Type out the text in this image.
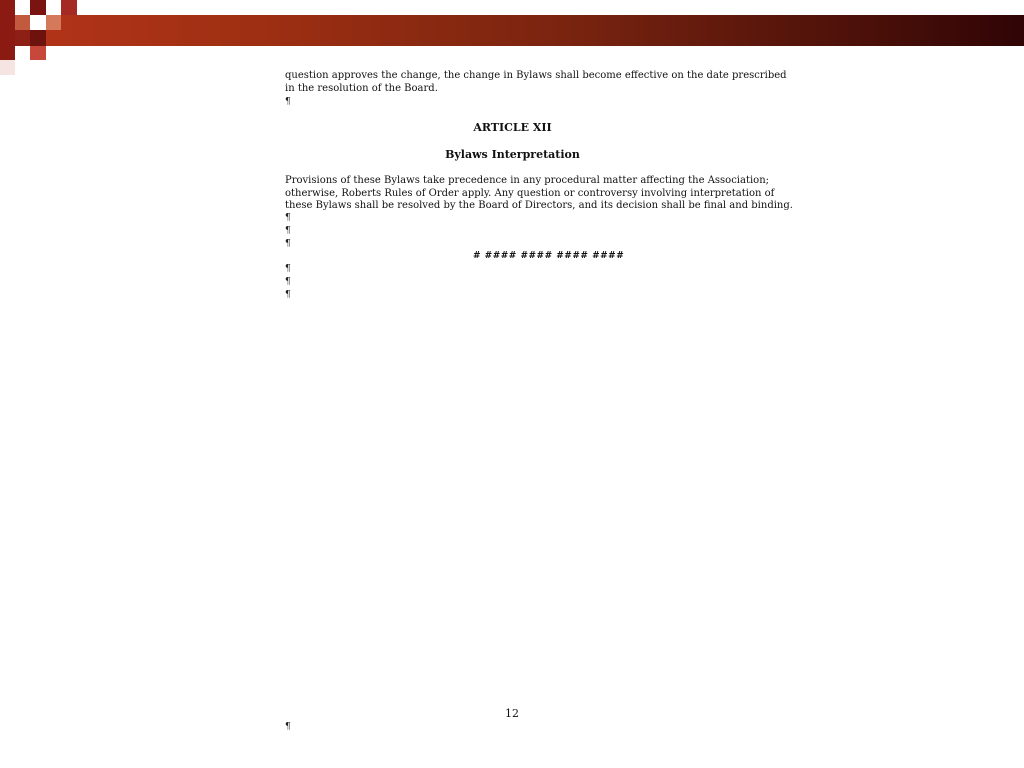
question approves the change, the change in Bylaws shall become effective on the date prescribed
in the resolution of the Board.
¶
ARTICLE XII
Bylaws Interpretation
Provisions of these Bylaws take precedence in any procedural matter affecting the Association;
otherwise, Roberts Rules of Order apply. Any question or controversy involving interpretation of
these Bylaws shall be resolved by the Board of Directors, and its decision shall be final and binding.
¶
¶
¶
# #### #### #### ####
¶
¶
¶
12
¶
